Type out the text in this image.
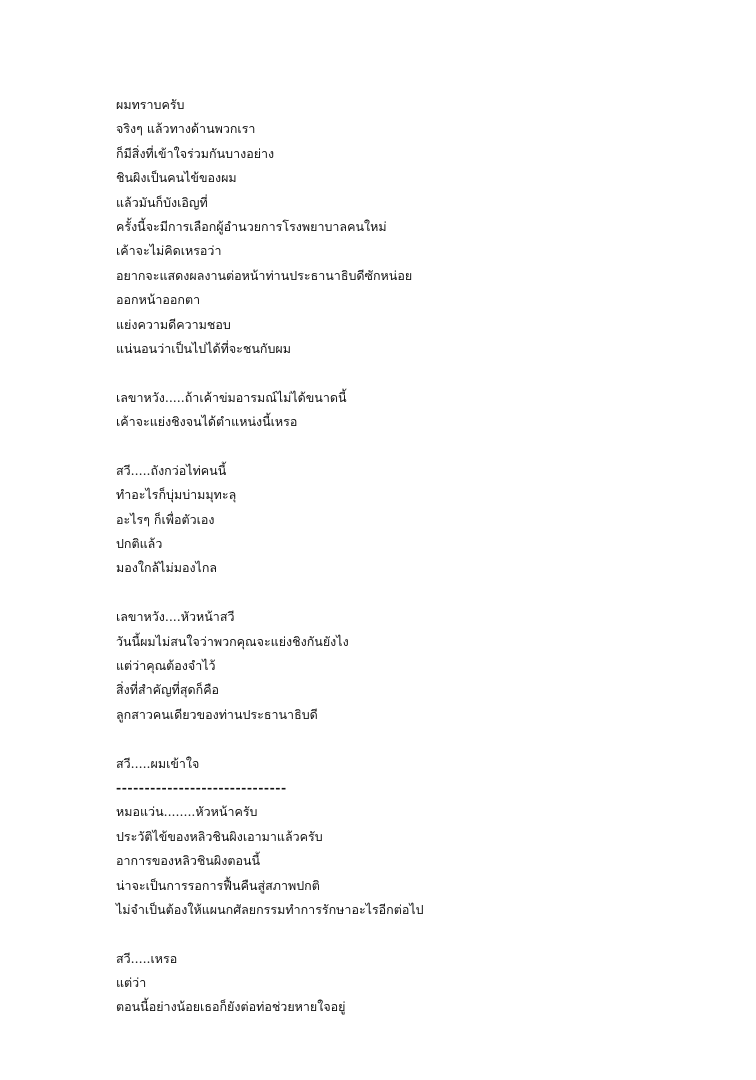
ผมทราบครับ
จริงๆ แล้วทางด้านพวกเรา
ก็มีสิ่งที่เข้าใจร่วมกันบางอย่าง
ชินผิงเป็นคนไข้ของผม
แล้วมันก็บังเอิญที่
ครั้งนี้จะมีการเลือกผู้อำนวยการโรงพยาบาลคนใหม่
เค้าจะไม่คิดเหรอว่า
อยากจะแสดงผลงานต่อหน้าท่านประธานาธิบดีซักหน่อย
ออกหน้าออกตา
แย่งความดีความชอบ
แน่นอนว่าเป็นไปได้ที่จะชนกับผม
เลขาหวัง.....ถ้าเค้าข่มอารมณ์ไม่ได้ขนาดนี้
เค้าจะแย่งชิงจนได้ตำแหน่งนี้เหรอ
สวี.....ถังกว่อไท่คนนี้
ทำอะไรก็บุ่มบ่ามมุทะลุ
อะไรๆ ก็เพื่อตัวเอง
ปกติแล้ว
มองใกล้ไม่มองไกล
เลขาหวัง....หัวหน้าสวี
วันนี้ผมไม่สนใจว่าพวกคุณจะแย่งชิงกันยังไง
แต่ว่าคุณต้องจำไว้
สิ่งที่สำคัญที่สุดก็คือ
ลูกสาวคนเดียวของท่านประธานาธิบดี
สวี.....ผมเข้าใจ
------------------------------
หมอแว่น........หัวหน้าครับ
ประวัติไข้ของหลิวชินผิงเอามาแล้วครับ
อาการของหลิวชินผิงตอนนี้
น่าจะเป็นการรอการฟื้นคืนสู่สภาพปกติ
ไม่จำเป็นต้องให้แผนกศัลยกรรมทำการรักษาอะไรอีกต่อไป
สวี.....เหรอ
แต่ว่า
ตอนนี้อย่างน้อยเธอก็ยังต่อท่อช่วยหายใจอยู่
